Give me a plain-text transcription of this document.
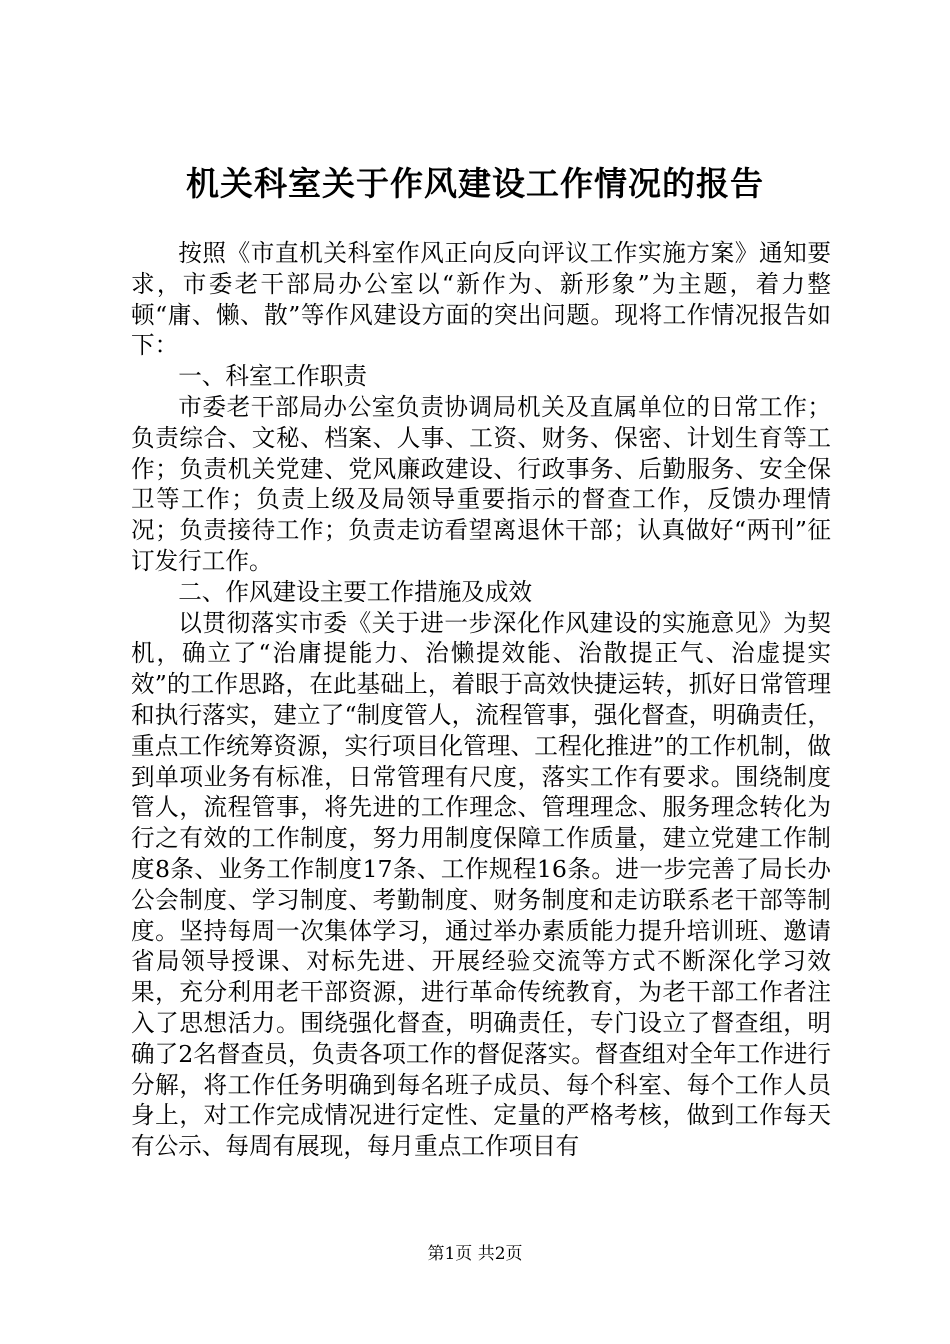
机关科室关于作风建设工作情况的报告

按照《市直机关科室作风正向反向评议工作实施方案》通知要求，市委老干部局办公室以“新作为、新形象”为主题，着力整顿“庸、懒、散”等作风建设方面的突出问题。现将工作情况报告如下：

一、科室工作职责

市委老干部局办公室负责协调局机关及直属单位的日常工作；负责综合、文秘、档案、人事、工资、财务、保密、计划生育等工作；负责机关党建、党风廉政建设、行政事务、后勤服务、安全保卫等工作；负责上级及局领导重要指示的督查工作，反馈办理情况；负责接待工作；负责走访看望离退休干部；认真做好“两刊”征订发行工作。

二、作风建设主要工作措施及成效

以贯彻落实市委《关于进一步深化作风建设的实施意见》为契机，确立了“治庸提能力、治懒提效能、治散提正气、治虚提实效”的工作思路，在此基础上，着眼于高效快捷运转，抓好日常管理和执行落实，建立了“制度管人，流程管事，强化督查，明确责任，重点工作统筹资源，实行项目化管理、工程化推进”的工作机制，做到单项业务有标准，日常管理有尺度，落实工作有要求。围绕制度管人，流程管事，将先进的工作理念、管理理念、服务理念转化为行之有效的工作制度，努力用制度保障工作质量，建立党建工作制度8条、业务工作制度17条、工作规程16条。进一步完善了局长办公会制度、学习制度、考勤制度、财务制度和走访联系老干部等制度。坚持每周一次集体学习，通过举办素质能力提升培训班、邀请省局领导授课、对标先进、开展经验交流等方式不断深化学习效果，充分利用老干部资源，进行革命传统教育，为老干部工作者注入了思想活力。围绕强化督查，明确责任，专门设立了督查组，明确了2名督查员，负责各项工作的督促落实。督查组对全年工作进行分解，将工作任务明确到每名班子成员、每个科室、每个工作人员身上，对工作完成情况进行定性、定量的严格考核，做到工作每天有公示、每周有展现，每月重点工作项目有

第1页 共2页
